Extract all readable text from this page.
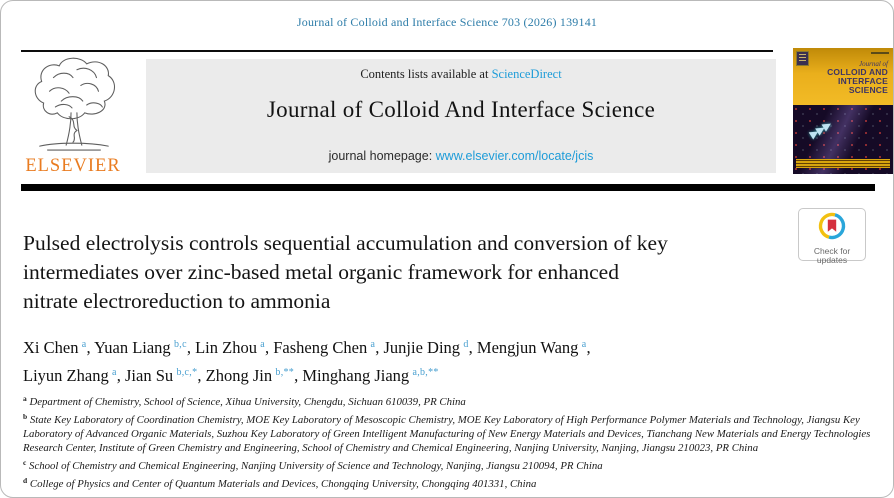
Journal of Colloid and Interface Science 703 (2026) 139141
ELSEVIER
Contents lists available at ScienceDirect
Journal of Colloid And Interface Science
journal homepage: www.elsevier.com/locate/jcis
Journal of
COLLOID AND
INTERFACE
SCIENCE
▶▶▶
Check for
updates
Pulsed electrolysis controls sequential accumulation and conversion of key
intermediates over zinc-based metal organic framework for enhanced
nitrate electroreduction to ammonia

Xi Chen $^a$, Yuan Liang $^{b,c}$, Lin Zhou $^a$, Fasheng Chen $^a$, Junjie Ding $^d$, Mengjun Wang $^a$,
Liyun Zhang $^a$, Jian Su $^{b,c,*}$, Zhong Jin $^{b,**}$, Minghang Jiang $^{a,b,**}$

$^a$ Department of Chemistry, School of Science, Xihua University, Chengdu, Sichuan 610039, PR China
$^b$ State Key Laboratory of Coordination Chemistry, MOE Key Laboratory of Mesoscopic Chemistry, MOE Key Laboratory of High Performance Polymer Materials and Technology, Jiangsu Key Laboratory of Advanced Organic Materials, Suzhou Key Laboratory of Green Intelligent Manufacturing of New Energy Materials and Devices, Tianchang New Materials and Energy Technologies Research Center, Institute of Green Chemistry and Engineering, School of Chemistry and Chemical Engineering, Nanjing University, Nanjing, Jiangsu 210023, PR China
$^c$ School of Chemistry and Chemical Engineering, Nanjing University of Science and Technology, Nanjing, Jiangsu 210094, PR China
$^d$ College of Physics and Center of Quantum Materials and Devices, Chongqing University, Chongqing 401331, China
